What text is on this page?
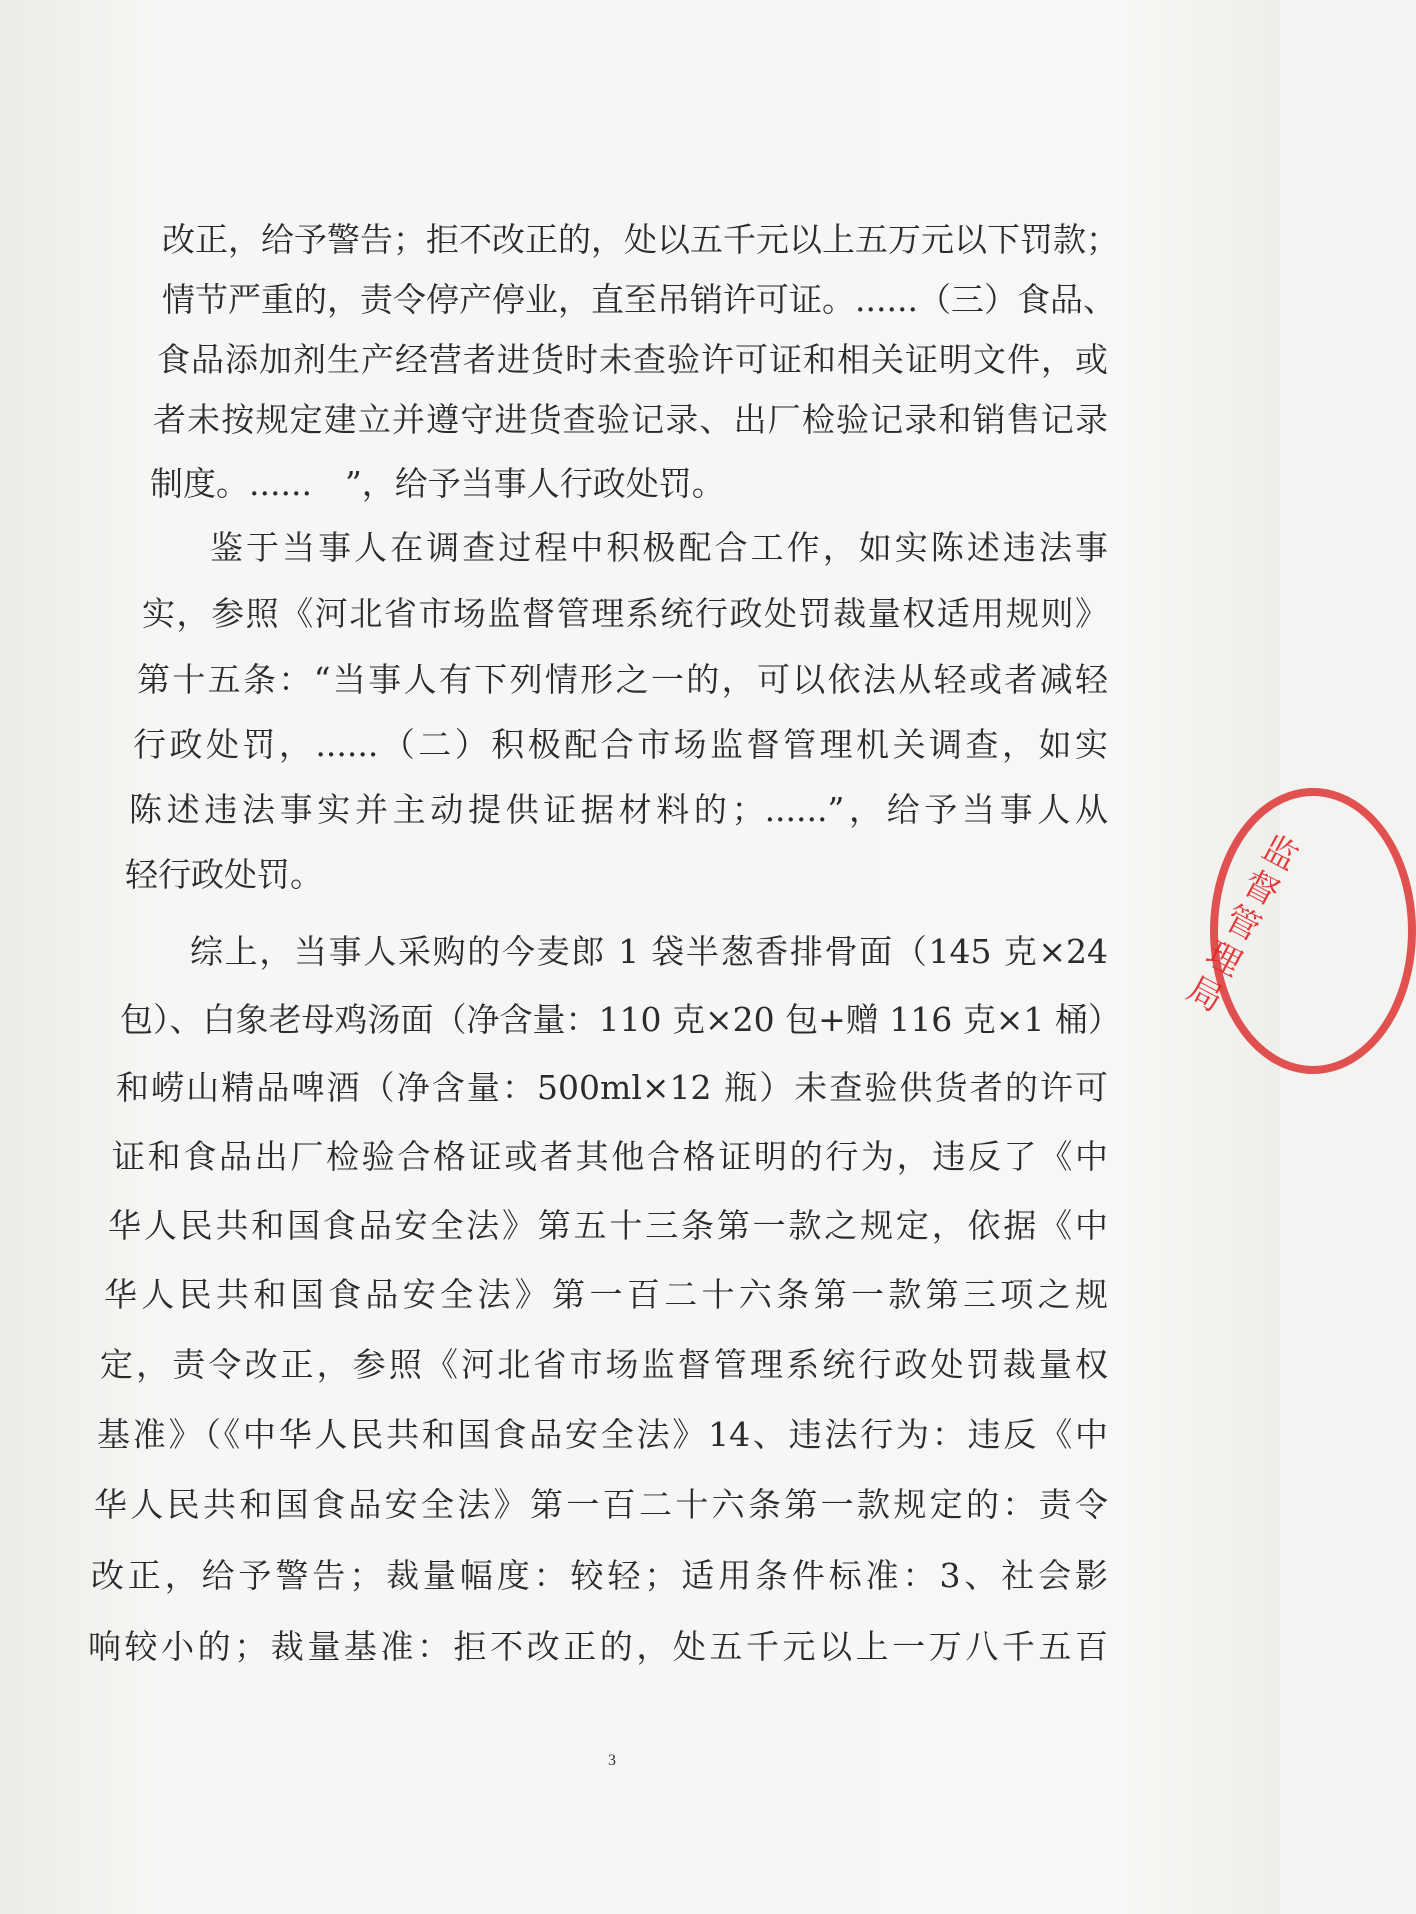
改正，给予警告；拒不改正的，处以五千元以上五万元以下罚款；
情节严重的，责令停产停业，直至吊销许可证。......（三）食品、
食品添加剂生产经营者进货时未查验许可证和相关证明文件，或
者未按规定建立并遵守进货查验记录、出厂检验记录和销售记录
制度。......　”，给予当事人行政处罚。
鉴于当事人在调查过程中积极配合工作，如实陈述违法事
实，参照《河北省市场监督管理系统行政处罚裁量权适用规则》
第十五条：“当事人有下列情形之一的，可以依法从轻或者减轻
行政处罚，......（二）积极配合市场监督管理机关调查，如实
陈述违法事实并主动提供证据材料的；......”，给予当事人从
轻行政处罚。
综上，当事人采购的今麦郎 1 袋半葱香排骨面（145 克×24
包）、白象老母鸡汤面（净含量：110 克×20 包+赠 116 克×1 桶）
和崂山精品啤酒（净含量：500ml×12 瓶）未查验供货者的许可
证和食品出厂检验合格证或者其他合格证明的行为，违反了《中
华人民共和国食品安全法》第五十三条第一款之规定，依据《中
华人民共和国食品安全法》第一百二十六条第一款第三项之规
定，责令改正，参照《河北省市场监督管理系统行政处罚裁量权
基准》（《中华人民共和国食品安全法》14、违法行为：违反《中
华人民共和国食品安全法》第一百二十六条第一款规定的：责令
改正，给予警告；裁量幅度：较轻；适用条件标准：3、社会影
响较小的；裁量基准：拒不改正的，处五千元以上一万八千五百
3
监督管理局
